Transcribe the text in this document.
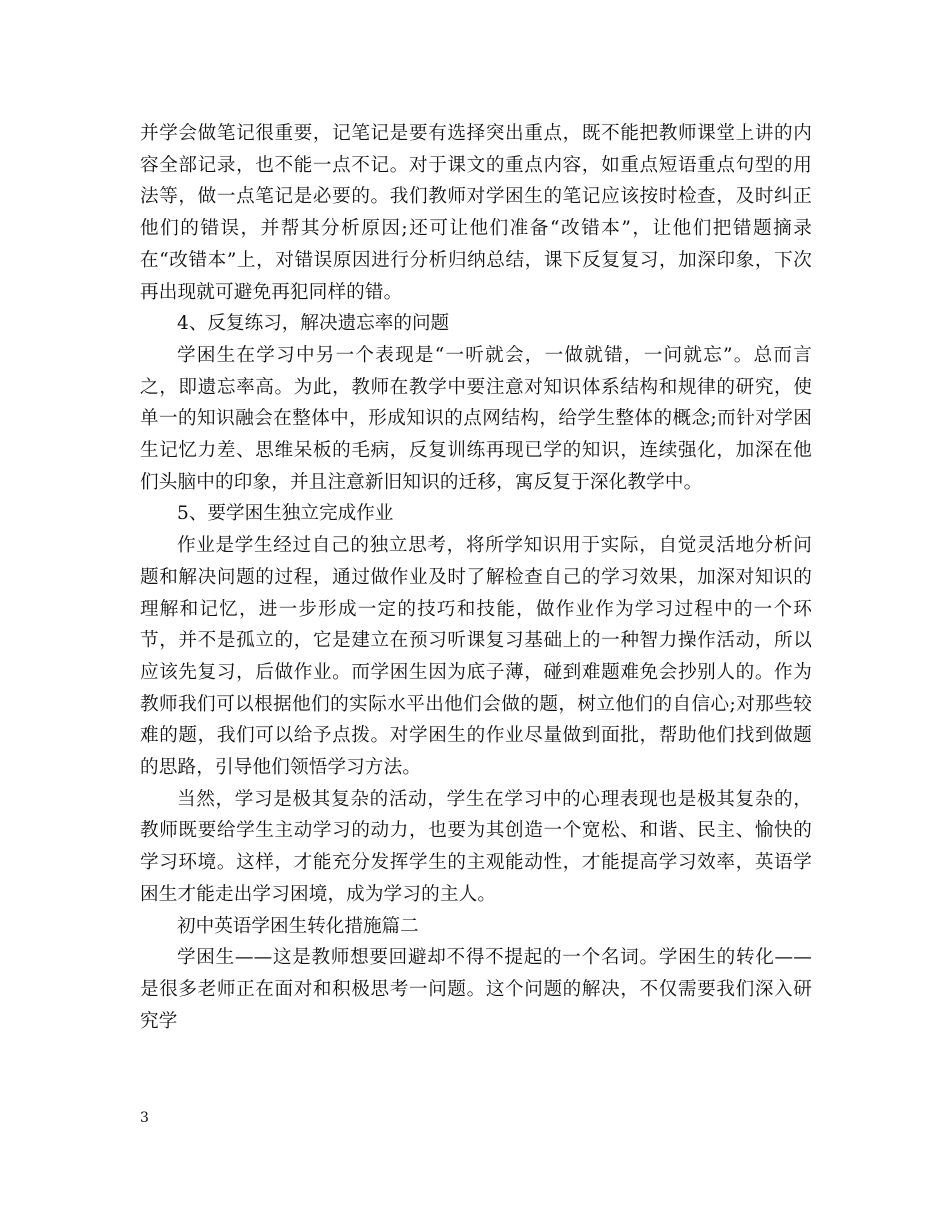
并学会做笔记很重要，记笔记是要有选择突出重点，既不能把教师课堂上讲的内容全部记录，也不能一点不记。对于课文的重点内容，如重点短语重点句型的用法等，做一点笔记是必要的。我们教师对学困生的笔记应该按时检查，及时纠正他们的错误，并帮其分析原因;还可让他们准备“改错本”，让他们把错题摘录在“改错本”上，对错误原因进行分析归纳总结，课下反复复习，加深印象，下次再出现就可避免再犯同样的错。

4、反复练习，解决遗忘率的问题

学困生在学习中另一个表现是“一听就会，一做就错，一问就忘”。总而言之，即遗忘率高。为此，教师在教学中要注意对知识体系结构和规律的研究，使单一的知识融会在整体中，形成知识的点网结构，给学生整体的概念;而针对学困生记忆力差、思维呆板的毛病，反复训练再现已学的知识，连续强化，加深在他们头脑中的印象，并且注意新旧知识的迁移，寓反复于深化教学中。

5、要学困生独立完成作业

作业是学生经过自己的独立思考，将所学知识用于实际，自觉灵活地分析问题和解决问题的过程，通过做作业及时了解检查自己的学习效果，加深对知识的理解和记忆，进一步形成一定的技巧和技能，做作业作为学习过程中的一个环节，并不是孤立的，它是建立在预习听课复习基础上的一种智力操作活动，所以应该先复习，后做作业。而学困生因为底子薄，碰到难题难免会抄别人的。作为教师我们可以根据他们的实际水平出他们会做的题，树立他们的自信心;对那些较难的题，我们可以给予点拨。对学困生的作业尽量做到面批，帮助他们找到做题的思路，引导他们领悟学习方法。

当然，学习是极其复杂的活动，学生在学习中的心理表现也是极其复杂的，教师既要给学生主动学习的动力，也要为其创造一个宽松、和谐、民主、愉快的学习环境。这样，才能充分发挥学生的主观能动性，才能提高学习效率，英语学困生才能走出学习困境，成为学习的主人。

初中英语学困生转化措施篇二

学困生——这是教师想要回避却不得不提起的一个名词。学困生的转化——是很多老师正在面对和积极思考一问题。这个问题的解决，不仅需要我们深入研究学

3
